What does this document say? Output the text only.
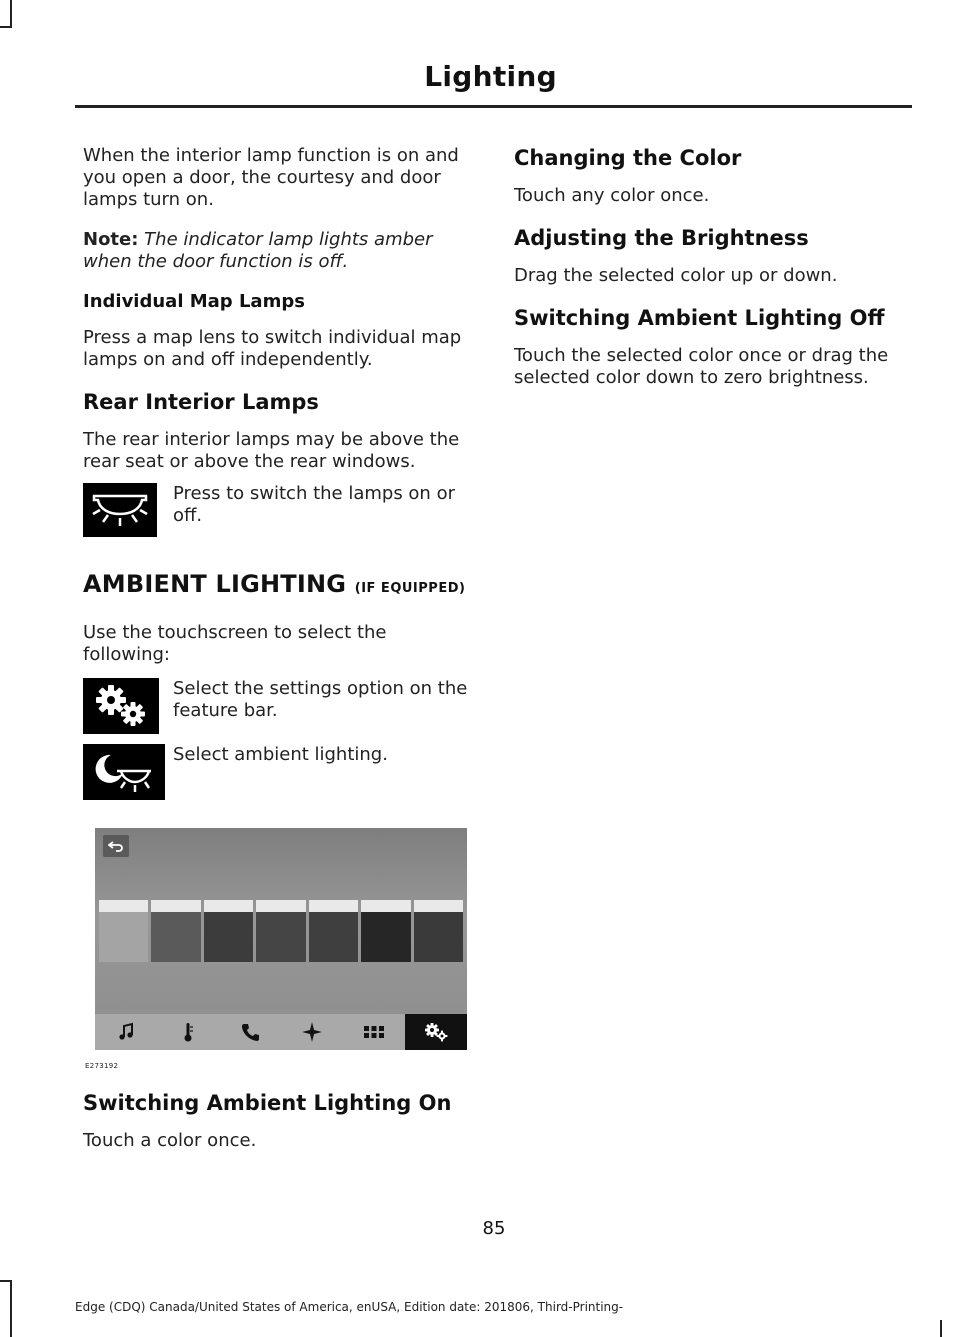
Lighting

When the interior lamp function is on and you open a door, the courtesy and door lamps turn on.

Note: The indicator lamp lights amber when the door function is off.

Individual Map Lamps

Press a map lens to switch individual map lamps on and off independently.

Rear Interior Lamps

The rear interior lamps may be above the rear seat or above the rear windows.

Press to switch the lamps on or off.
AMBIENT LIGHTING (IF EQUIPPED)

Use the touchscreen to select the following:

Select the settings option on the feature bar.
Select ambient lighting.
E273192
Switching Ambient Lighting On

Touch a color once.

Changing the Color

Touch any color once.

Adjusting the Brightness

Drag the selected color up or down.

Switching Ambient Lighting Off

Touch the selected color once or drag the selected color down to zero brightness.

85
Edge (CDQ) Canada/United States of America, enUSA, Edition date: 201806, Third-Printing-
